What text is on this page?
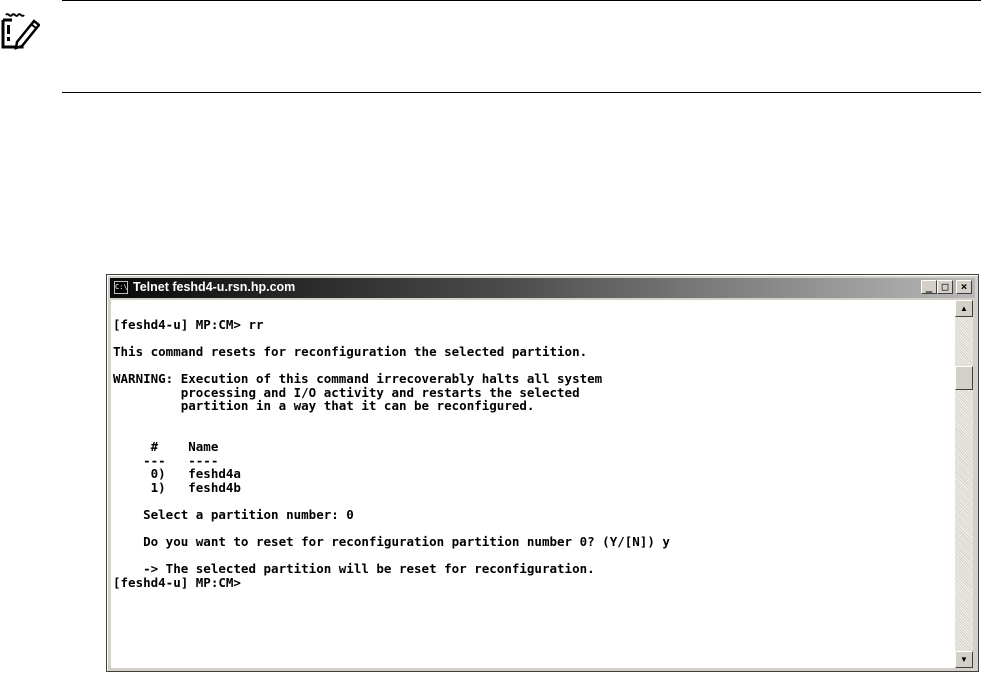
C:\ Telnet feshd4-u.rsn.hp.com	_ □	×

[feshd4-u] MP:CM> rr

This command resets for reconfiguration the selected partition.

WARNING: Execution of this command irrecoverably halts all system
processing and I/O activity and restarts the selected
partition in a way that it can be reconfigured.

#    Name
---   ----
0)   feshd4a
1)   feshd4b

Select a partition number: 0

Do you want to reset for reconfiguration partition number 0? (Y/[N]) y

-> The selected partition will be reset for reconfiguration.
[feshd4-u] MP:CM>

▲
▼
